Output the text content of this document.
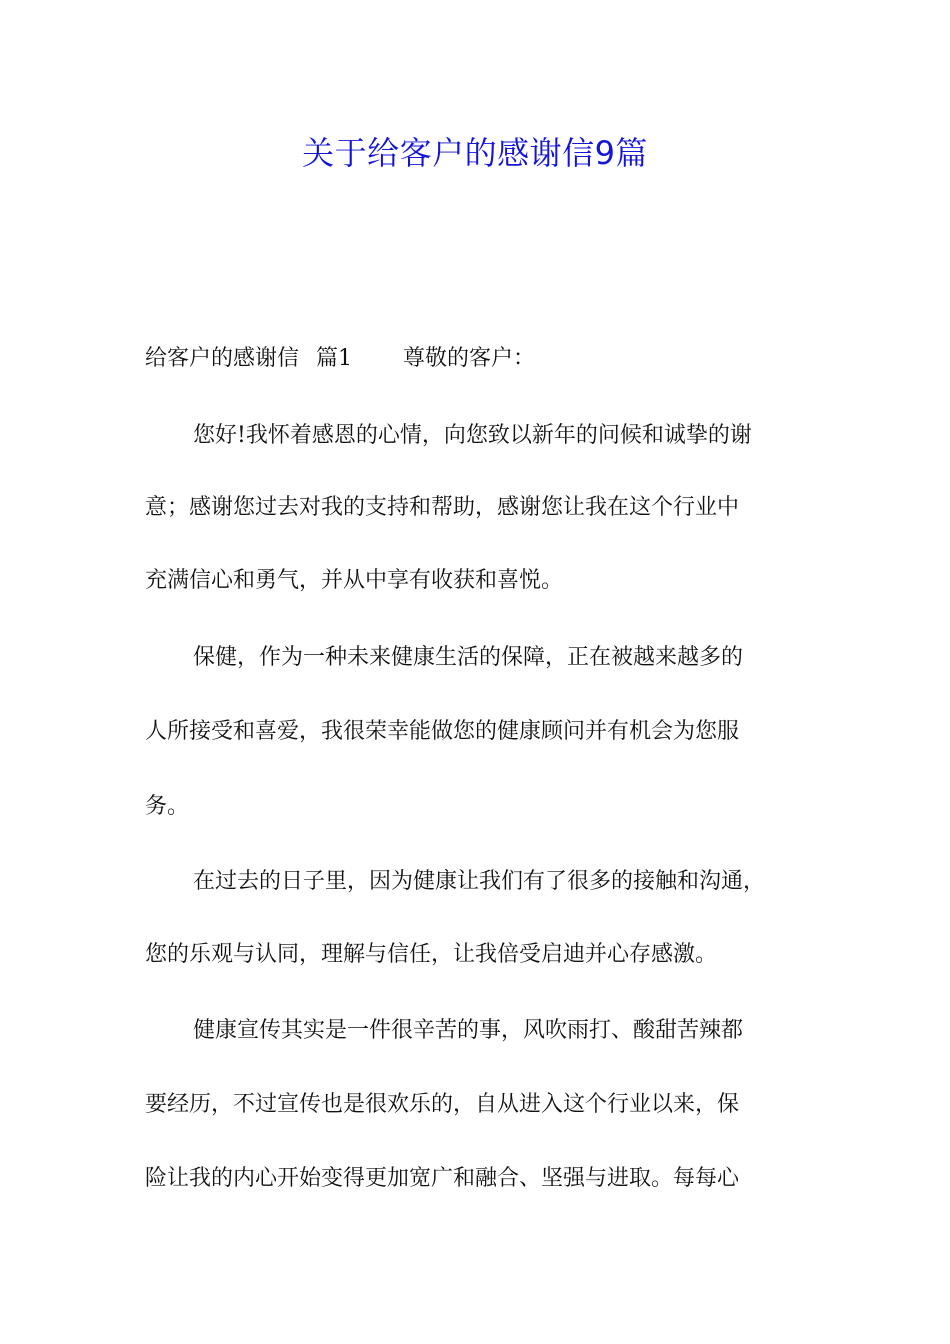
关于给客户的感谢信9篇
给客户的感谢信 篇1 尊敬的客户：
您好!我怀着感恩的心情，向您致以新年的问候和诚挚的谢
意；感谢您过去对我的支持和帮助，感谢您让我在这个行业中
充满信心和勇气，并从中享有收获和喜悦。
保健，作为一种未来健康生活的保障，正在被越来越多的
人所接受和喜爱，我很荣幸能做您的健康顾问并有机会为您服
务。
在过去的日子里，因为健康让我们有了很多的接触和沟通，
您的乐观与认同，理解与信任，让我倍受启迪并心存感激。
健康宣传其实是一件很辛苦的事，风吹雨打、酸甜苦辣都
要经历，不过宣传也是很欢乐的，自从进入这个行业以来，保
险让我的内心开始变得更加宽广和融合、坚强与进取。每每心
